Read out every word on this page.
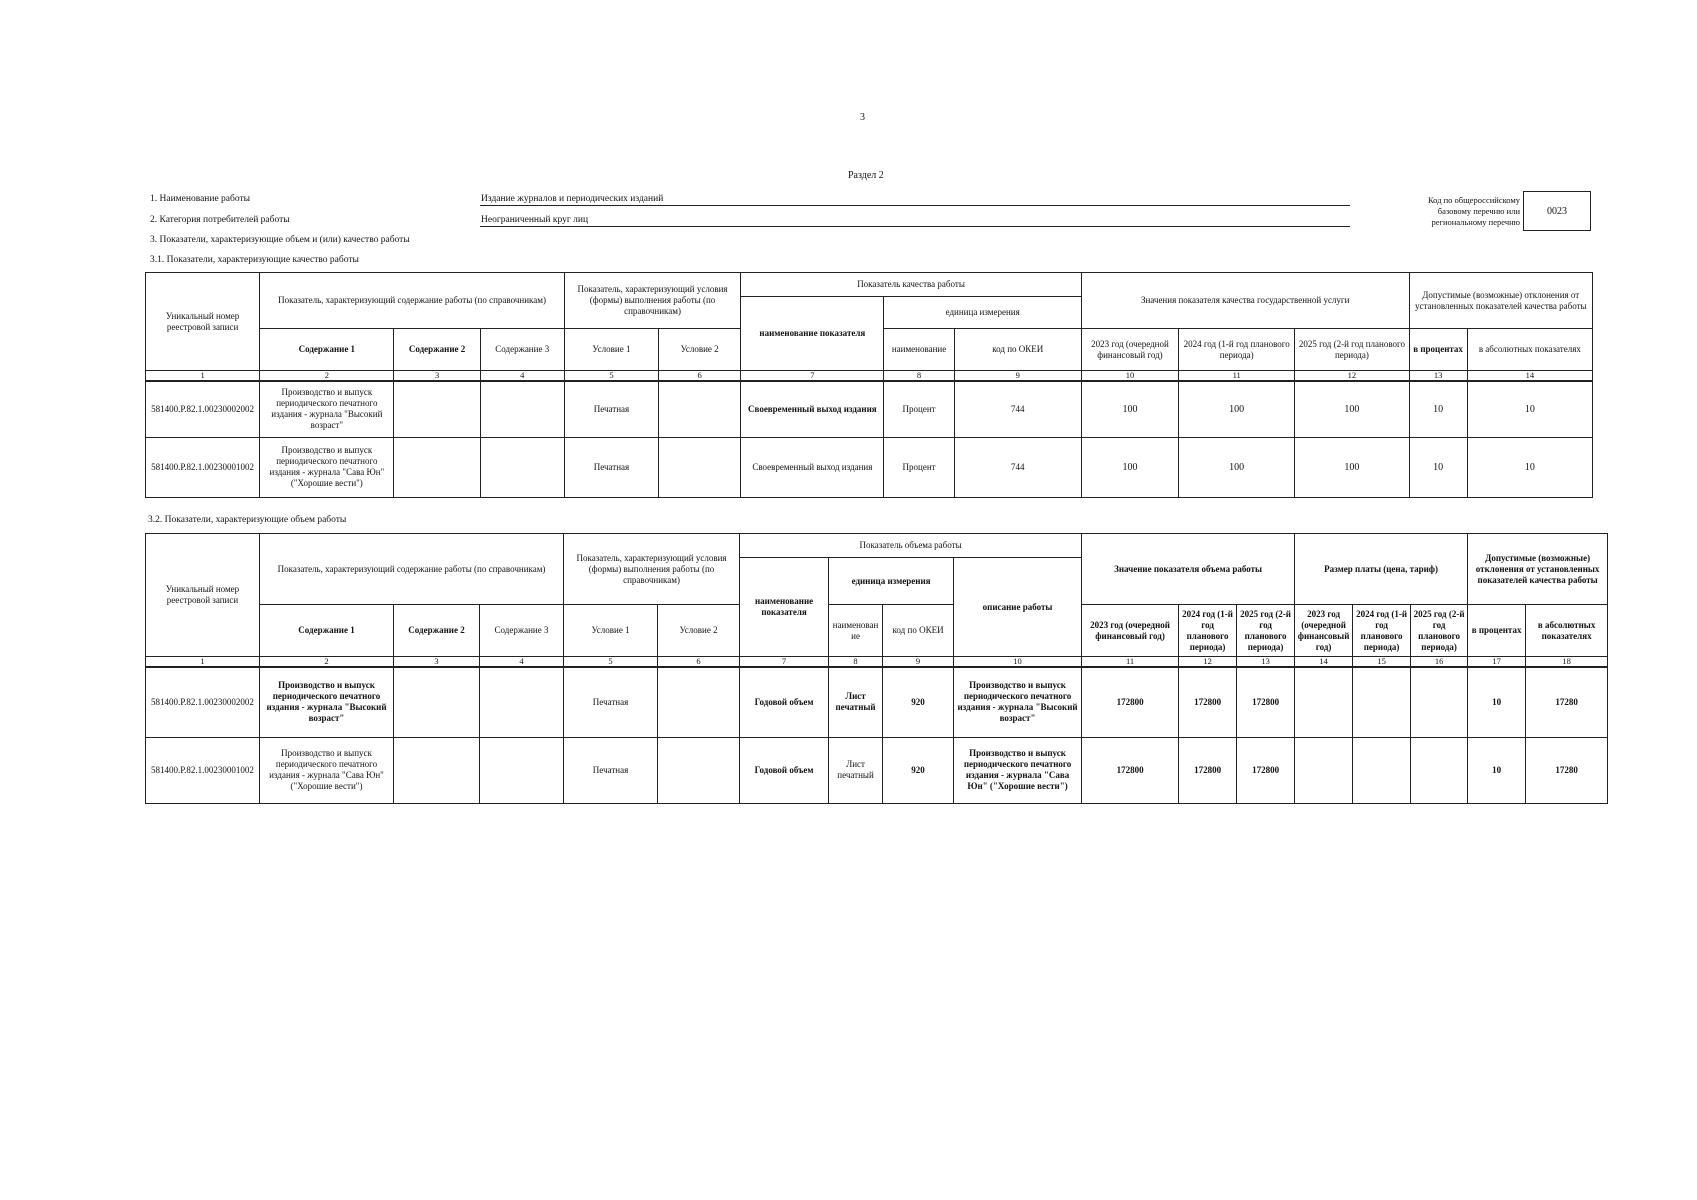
3
Раздел 2
1. Наименование работы	Издание журналов и периодических изданий
2. Категория потребителей работы	Неограниченный круг лиц
3. Показатели, характеризующие объем и (или) качество работы
3.1. Показатели, характеризующие качество работы
Код по общероссийскому базовому перечню или региональному перечню
0023
Уникальный номер реестровой записи	Показатель, характеризующий содержание работы (по справочникам)			Показатель, характеризующий условия (формы) выполнения работы (по справочникам)		Показатель качества работы			Значения показателя качества государственной услуги			Допустимые (возможные) отклонения от установленных показателей качества работы	
						наименование показателя	единица измерения						
	Содержание 1	Содержание 2	Содержание 3	Условие 1	Условие 2		наименование	код по ОКЕИ	2023 год (очередной финансовый год)	2024 год (1-й год планового периода)	2025 год (2-й год планового периода)	в процентах	в абсолютных показателях
1	2	3	4	5	6	7	8	9	10	11	12	13	14
581400.Р.82.1.00230002002	Производство и выпуск периодического печатного издания - журнала "Высокий возраст"			Печатная		Своевременный выход издания	Процент	744	100	100	100	10	10
581400.Р.82.1.00230001002	Производство и выпуск периодического печатного издания - журнала "Сава Юн" ("Хорошие вести")			Печатная		Своевременный выход издания	Процент	744	100	100	100	10	10
3.2. Показатели, характеризующие объем работы
Уникальный номер реестровой записи	Показатель, характеризующий содержание работы (по справочникам)			Показатель, характеризующий условия (формы) выполнения работы (по справочникам)		Показатель объема работы				Значение показателя объема работы			Размер платы (цена, тариф)			Допустимые (возможные) отклонения от установленных показателей качества работы	
						наименование показателя	единица измерения		описание работы								
	Содержание 1	Содержание 2	Содержание 3	Условие 1	Условие 2		наименование	код по ОКЕИ		2023 год (очередной финансовый год)	2024 год (1-й год планового периода)	2025 год (2-й год планового периода)	2023 год (очередной финансовый год)	2024 год (1-й год планового периода)	2025 год (2-й год планового периода)	в процентах	в абсолютных показателях
1	2	3	4	5	6	7	8	9	10	11	12	13	14	15	16	17	18
581400.Р.82.1.00230002002	Производство и выпуск периодического печатного издания - журнала "Высокий возраст"			Печатная		Годовой объем	Лист печатный	920	Производство и выпуск периодического печатного издания - журнала "Высокий возраст"	172800	172800	172800				10	17280
581400.Р.82.1.00230001002	Производство и выпуск периодического печатного издания - журнала "Сава Юн" ("Хорошие вести")			Печатная		Годовой объем	Лист печатный	920	Производство и выпуск периодического печатного издания - журнала "Сава Юн" ("Хорошие вести")	172800	172800	172800				10	17280
